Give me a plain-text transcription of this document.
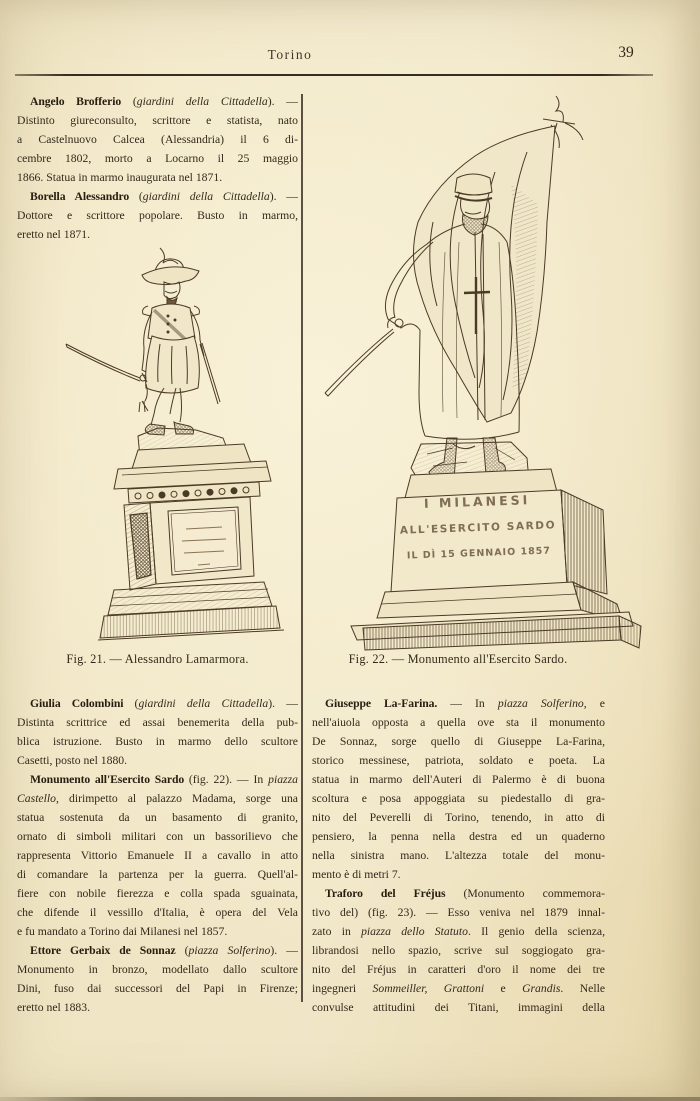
Torino	39
Angelo Brofferio (giardini della Cittadella). —
Distinto giureconsulto, scrittore e statista, nato
a Castelnuovo Calcea (Alessandria) il 6 di-
cembre 1802, morto a Locarno il 25 maggio
1866. Statua in marmo inaugurata nel 1871.
Borella Alessandro (giardini della Cittadella). —
Dottore e scrittore popolare. Busto in marmo,
eretto nel 1871.
Fig. 21. — Alessandro Lamarmora.
Giulia Colombini (giardini della Cittadella). —
Distinta scrittrice ed assai benemerita della pub-
blica istruzione. Busto in marmo dello scultore
Casetti, posto nel 1880.
Monumento all'Esercito Sardo (fig. 22). — In piazza
Castello, dirimpetto al palazzo Madama, sorge una
statua sostenuta da un basamento di granito,
ornato di simboli militari con un bassorilievo che
rappresenta Vittorio Emanuele II a cavallo in atto
di comandare la partenza per la guerra. Quell'al-
fiere con nobile fierezza e colla spada sguainata,
che difende il vessillo d'Italia, è opera del Vela
e fu mandato a Torino dai Milanesi nel 1857.
Ettore Gerbaix de Sonnaz (piazza Solferino). —
Monumento in bronzo, modellato dallo scultore
Dini, fuso dai successori del Papi in Firenze;
eretto nel 1883.
I MILANESI
ALL'ESERCITO SARDO
IL DÌ 15 GENNAIO 1857
Fig. 22. — Monumento all'Esercito Sardo.
Giuseppe La-Farina. — In piazza Solferino, e
nell'aiuola opposta a quella ove sta il monumento
De Sonnaz, sorge quello di Giuseppe La-Farina,
storico messinese, patriota, soldato e poeta. La
statua in marmo dell'Auteri di Palermo è di buona
scoltura e posa appoggiata su piedestallo di gra-
nito del Peverelli di Torino, tenendo, in atto di
pensiero, la penna nella destra ed un quaderno
nella sinistra mano. L'altezza totale del monu-
mento è di metri 7.
Traforo del Fréjus (Monumento commemora-
tivo del) (fig. 23). — Esso veniva nel 1879 innal-
zato in piazza dello Statuto. Il genio della scienza,
librandosi nello spazio, scrive sul soggiogato gra-
nito del Fréjus in caratteri d'oro il nome dei tre
ingegneri Sommeiller, Grattoni e Grandis. Nelle
convulse attitudini dei Titani, immagini della
